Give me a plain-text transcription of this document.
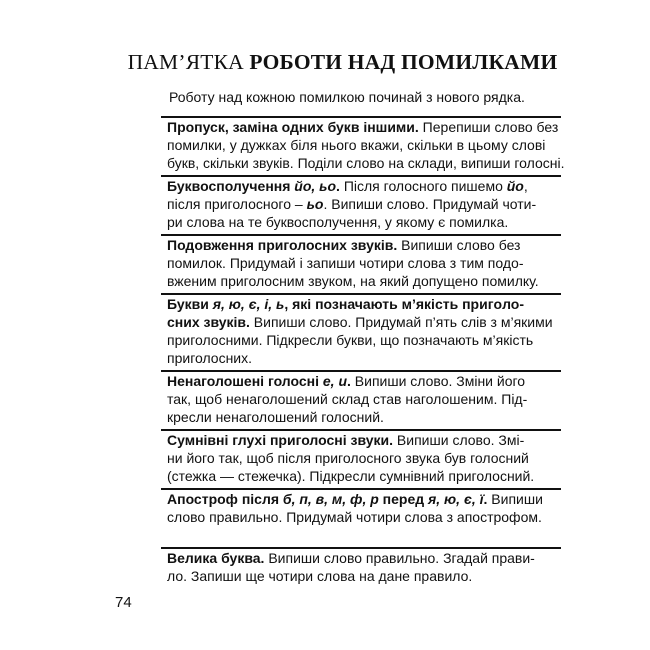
ПАМ’ЯТКА РОБОТИ НАД ПОМИЛКАМИ
Роботу над кожною помилкою починай з нового рядка.
Пропуск, заміна одних букв іншими. Перепиши слово без
помилки, у дужках біля нього вкажи, скільки в цьому слові
букв, скільки звуків. Поділи слово на склади, випиши голосні.
Буквосполучення йо, ьо. Після голосного пишемо йо,
після приголосного – ьо. Випиши слово. Придумай чоти-
ри слова на те буквосполучення, у якому є помилка.
Подовження приголосних звуків. Випиши слово без
помилок. Придумай і запиши чотири слова з тим подо-
вженим приголосним звуком, на який допущено помилку.
Букви я, ю, є, і, ь, які позначають м’якість пригoло-
сних звуків. Випиши слово. Придумай п’ять слів з м’якими
приголосними. Підкресли букви, що позначають м’якість
приголосних.
Ненаголошені голосні е, и. Випиши слово. Зміни його
так, щоб ненаголошений склад став наголошеним. Під-
кресли ненаголошений голосний.
Сумнівні глухі приголосні звуки. Випиши слово. Змі-
ни його так, щоб після приголосного звука був голосний
(стежка — стежечка). Підкресли сумнівний приголосний.
Апостроф після б, п, в, м, ф, р перед я, ю, є, ї. Випиши
слово правильно. Придумай чотири слова з апострофом.
Велика буква. Випиши слово правильно. Згадай прави-
ло. Запиши ще чотири слова на дане правило.
74
